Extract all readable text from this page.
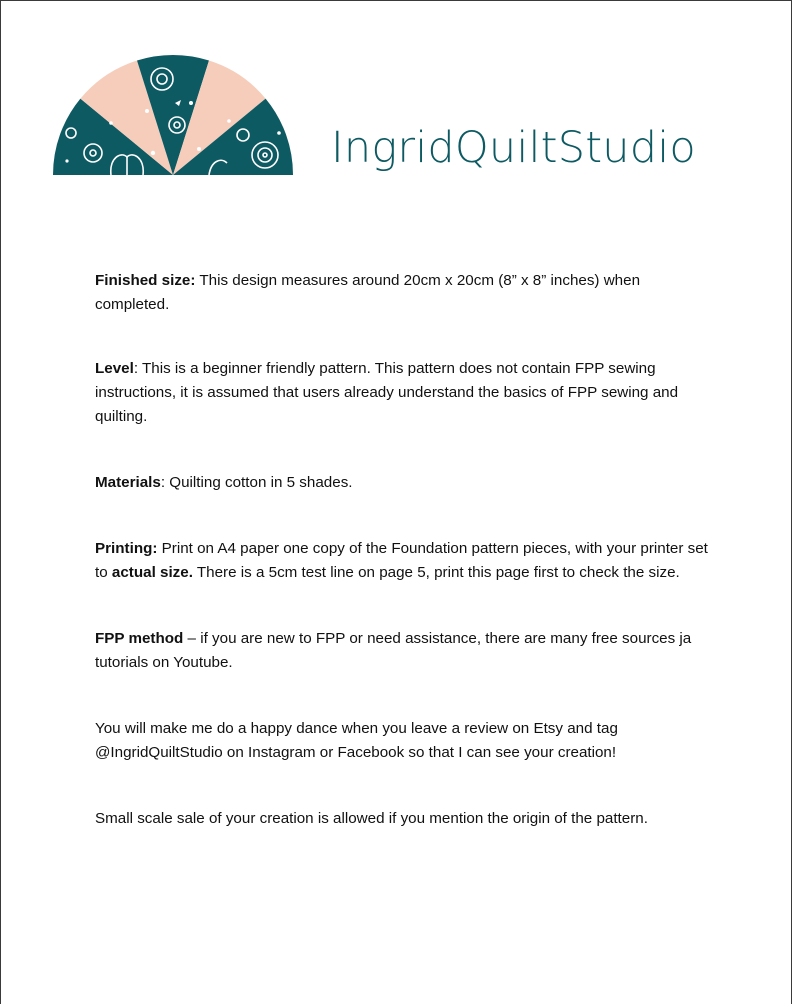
IngridQuiltStudio

Finished size: This design measures around 20cm x 20cm (8” x 8” inches) when completed.

Level: This is a beginner friendly pattern. This pattern does not contain FPP sewing instructions, it is assumed that users already understand the basics of FPP sewing and quilting.

Materials: Quilting cotton in 5 shades.

Printing: Print on A4 paper one copy of the Foundation pattern pieces, with your printer set to actual size. There is a 5cm test line on page 5, print this page first to check the size.

FPP method – if you are new to FPP or need assistance, there are many free sources ja tutorials on Youtube.

You will make me do a happy dance when you leave a review on Etsy and tag @IngridQuiltStudio on Instagram or Facebook so that I can see your creation!

Small scale sale of your creation is allowed if you mention the origin of the pattern.
